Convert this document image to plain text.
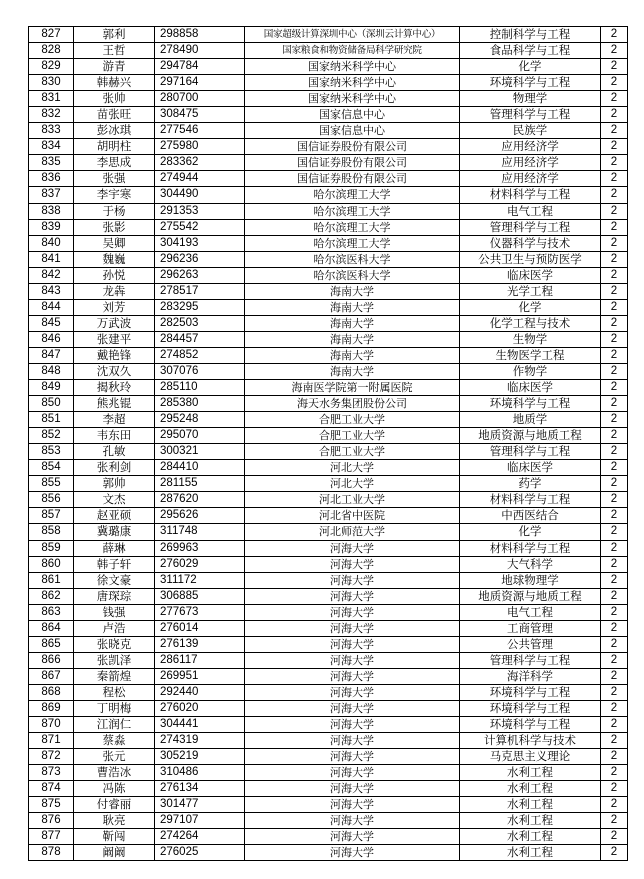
827	郭利	298858	国家超级计算深圳中心（深圳云计算中心）	控制科学与工程	2
828	王哲	278490	国家粮食和物资储备局科学研究院	食品科学与工程	2
829	游青	294784	国家纳米科学中心	化学	2
830	韩赫兴	297164	国家纳米科学中心	环境科学与工程	2
831	张帅	280700	国家纳米科学中心	物理学	2
832	苗张旺	308475	国家信息中心	管理科学与工程	2
833	彭冰琪	277546	国家信息中心	民族学	2
834	胡明柱	275980	国信证券股份有限公司	应用经济学	2
835	李思成	283362	国信证券股份有限公司	应用经济学	2
836	张强	274944	国信证券股份有限公司	应用经济学	2
837	李宇寒	304490	哈尔滨理工大学	材料科学与工程	2
838	于杨	291353	哈尔滨理工大学	电气工程	2
839	张影	275542	哈尔滨理工大学	管理科学与工程	2
840	吴卿	304193	哈尔滨理工大学	仪器科学与技术	2
841	魏巍	296236	哈尔滨医科大学	公共卫生与预防医学	2
842	孙悦	296263	哈尔滨医科大学	临床医学	2
843	龙犇	278517	海南大学	光学工程	2
844	刘芳	283295	海南大学	化学	2
845	万武波	282503	海南大学	化学工程与技术	2
846	张建平	284457	海南大学	生物学	2
847	戴艳锋	274852	海南大学	生物医学工程	2
848	沈双久	307076	海南大学	作物学	2
849	揭秋玲	285110	海南医学院第一附属医院	临床医学	2
850	熊兆锟	285380	海天水务集团股份公司	环境科学与工程	2
851	李超	295248	合肥工业大学	地质学	2
852	韦东田	295070	合肥工业大学	地质资源与地质工程	2
853	孔敏	300321	合肥工业大学	管理科学与工程	2
854	张利剑	284410	河北大学	临床医学	2
855	郭帅	281155	河北大学	药学	2
856	文杰	287620	河北工业大学	材料科学与工程	2
857	赵亚硕	295626	河北省中医院	中西医结合	2
858	冀璐康	311748	河北师范大学	化学	2
859	薛琳	269963	河海大学	材料科学与工程	2
860	韩子轩	276029	河海大学	大气科学	2
861	徐文豪	311172	河海大学	地球物理学	2
862	唐琛琮	306885	河海大学	地质资源与地质工程	2
863	钱强	277673	河海大学	电气工程	2
864	卢浩	276014	河海大学	工商管理	2
865	张晓克	276139	河海大学	公共管理	2
866	张凯泽	286117	河海大学	管理科学与工程	2
867	秦箭煌	269951	河海大学	海洋科学	2
868	程松	292440	河海大学	环境科学与工程	2
869	丁明梅	276020	河海大学	环境科学与工程	2
870	江润仁	304441	河海大学	环境科学与工程	2
871	蔡淼	274319	河海大学	计算机科学与技术	2
872	张元	305219	河海大学	马克思主义理论	2
873	曹浩冰	310486	河海大学	水利工程	2
874	冯陈	276134	河海大学	水利工程	2
875	付睿丽	301477	河海大学	水利工程	2
876	耿亮	297107	河海大学	水利工程	2
877	靳闯	274264	河海大学	水利工程	2
878	阚阚	276025	河海大学	水利工程	2
